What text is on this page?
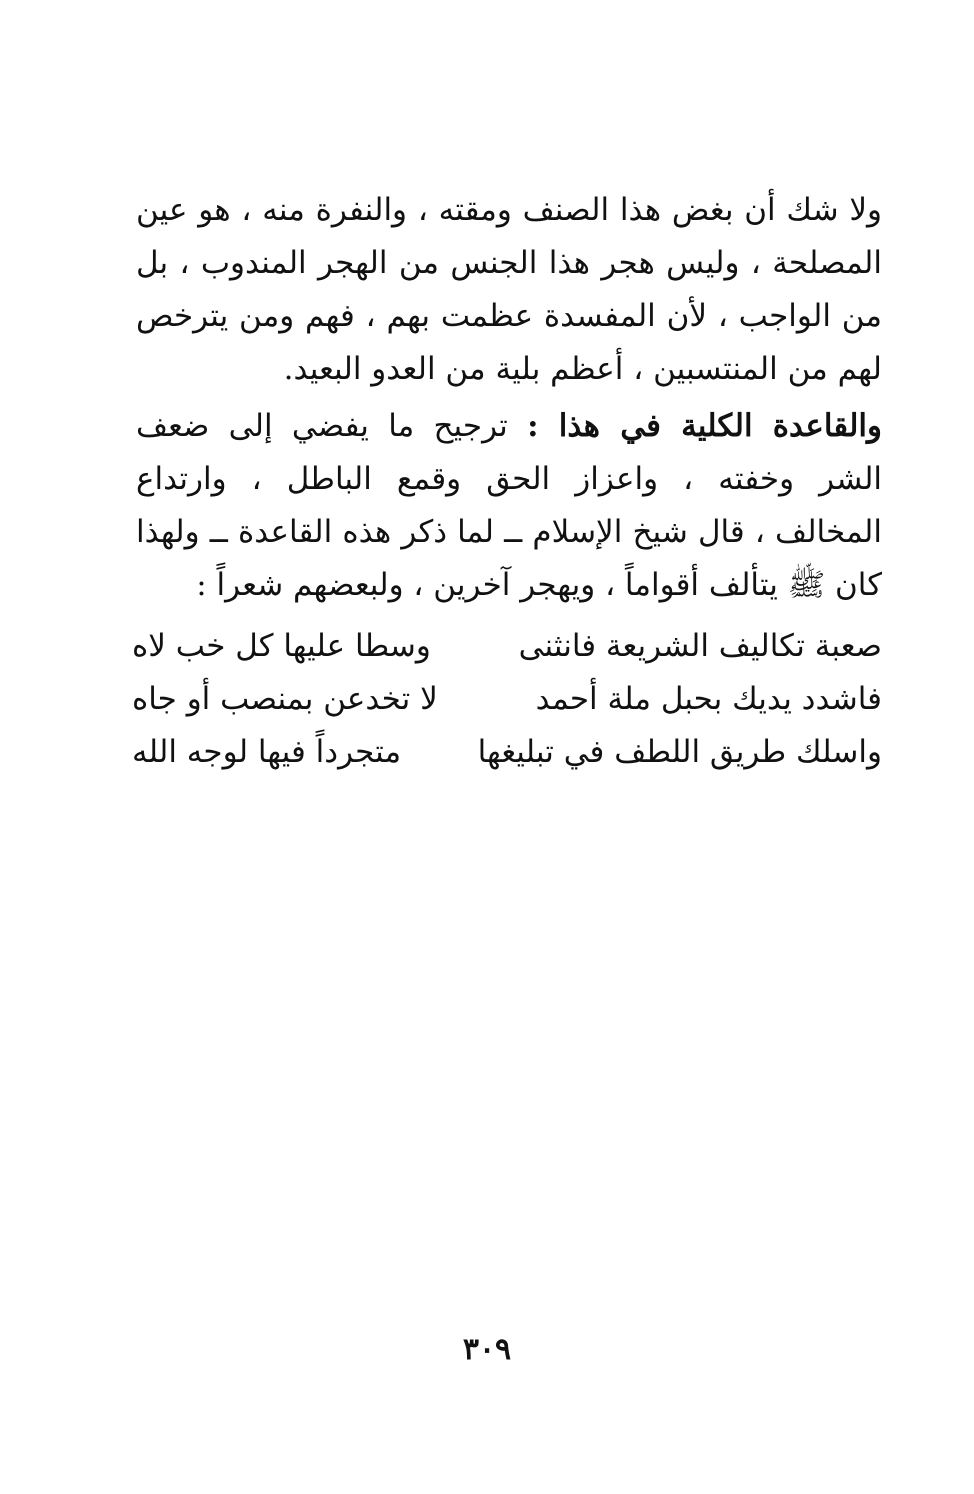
ولا شك أن بغض هذا الصنف ومقته ، والنفرة منه ، هو عين
المصلحة ، وليس هجر هذا الجنس من الهجر المندوب ، بل
من الواجب ، لأن المفسدة عظمت بهم ، فهم ومن يترخص
لهم من المنتسبين ، أعظم بلية من العدو البعيد.
والقاعدة الكلية في هذا : ترجيح ما يفضي إلى ضعف
الشر وخفته ، واعزاز الحق وقمع الباطل ، وارتداع
المخالف ، قال شيخ الإسلام ــ لما ذكر هذه القاعدة ــ ولهذا
كان ﷺ يتألف أقواماً ، ويهجر آخرين ، ولبعضهم شعراً :
صعبة تكاليف الشريعة فانثنى
وسطا عليها كل خب لاه
فاشدد يديك بحبل ملة أحمد
لا تخدعن بمنصب أو جاه
واسلك طريق اللطف في تبليغها
متجرداً فيها لوجه الله
٣٠٩
